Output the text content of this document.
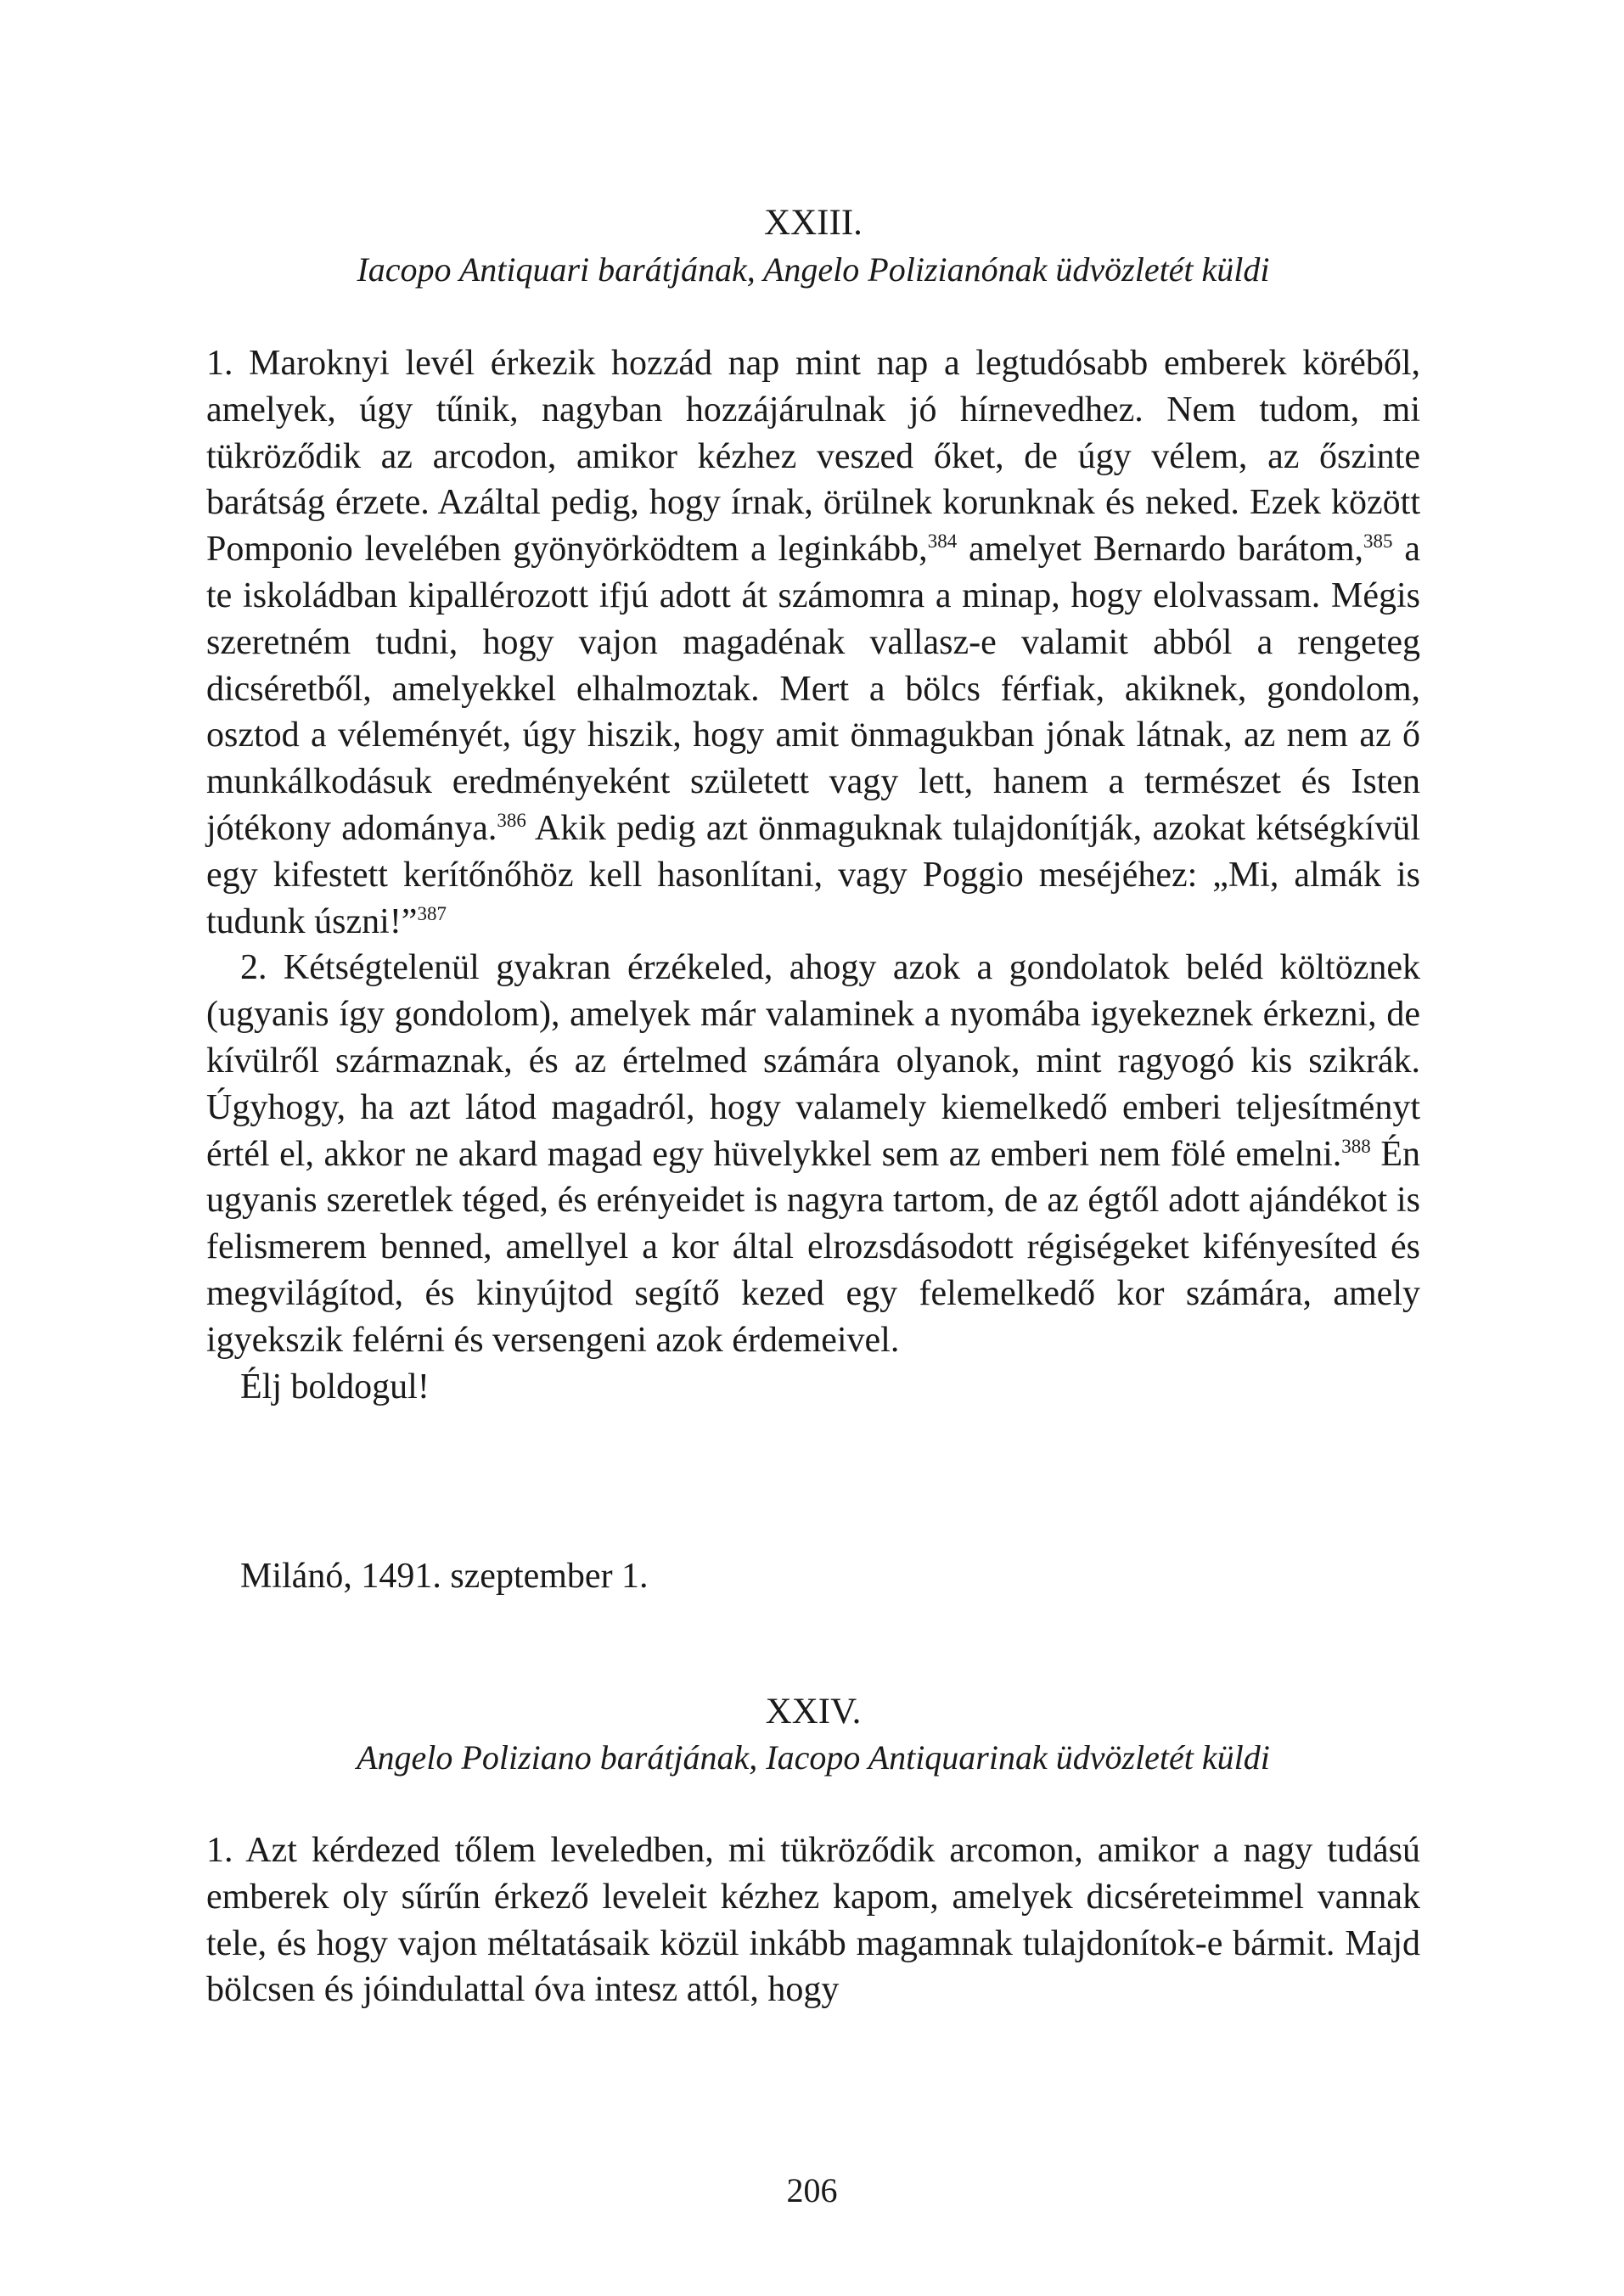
XXIII.
Iacopo Antiquari barátjának, Angelo Polizianónak üdvözletét küldi

1. Maroknyi levél érkezik hozzád nap mint nap a legtudósabb emberek köréből, amelyek, úgy tűnik, nagyban hozzájárulnak jó hírnevedhez. Nem tudom, mi tükröződik az arcodon, amikor kézhez veszed őket, de úgy vélem, az őszinte barátság érzete. Azáltal pedig, hogy írnak, örülnek korunknak és neked. Ezek között Pomponio levelében gyönyörködtem a leginkább,$^{384}$ amelyet Bernardo barátom,$^{385}$ a te iskoládban kipallérozott ifjú adott át számomra a minap, hogy elolvassam. Mégis szeretném tudni, hogy vajon magadénak vallasz-e valamit abból a rengeteg dicséretből, amelyekkel elhalmoztak. Mert a bölcs férfiak, akiknek, gondolom, osztod a véleményét, úgy hiszik, hogy amit önmagukban jónak látnak, az nem az ő munkálkodásuk eredményeként született vagy lett, hanem a természet és Isten jótékony adománya.$^{386}$ Akik pedig azt önmaguknak tulajdonítják, azokat kétségkívül egy kifestett kerítőnőhöz kell hasonlítani, vagy Poggio meséjéhez: „Mi, almák is tudunk úszni!”$^{387}$

2. Kétségtelenül gyakran érzékeled, ahogy azok a gondolatok beléd költöznek (ugyanis így gondolom), amelyek már valaminek a nyomába igyekeznek érkezni, de kívülről származnak, és az értelmed számára olyanok, mint ragyogó kis szikrák. Úgyhogy, ha azt látod magadról, hogy valamely kiemelkedő emberi teljesítményt értél el, akkor ne akard magad egy hüvelykkel sem az emberi nem fölé emelni.$^{388}$ Én ugyanis szeretlek téged, és erényeidet is nagyra tartom, de az égtől adott ajándékot is felismerem benned, amellyel a kor által elrozsdásodott régiségeket kifényesíted és megvilágítod, és kinyújtod segítő kezed egy felemelkedő kor számára, amely igyekszik felérni és versengeni azok érdemeivel.

Élj boldogul!

Milánó, 1491. szeptember 1.

XXIV.
Angelo Poliziano barátjának, Iacopo Antiquarinak üdvözletét küldi

1. Azt kérdezed tőlem leveledben, mi tükröződik arcomon, amikor a nagy tudású emberek oly sűrűn érkező leveleit kézhez kapom, amelyek dicséreteimmel vannak tele, és hogy vajon méltatásaik közül inkább magamnak tulajdonítok-e bármit. Majd bölcsen és jóindulattal óva intesz attól, hogy

206
